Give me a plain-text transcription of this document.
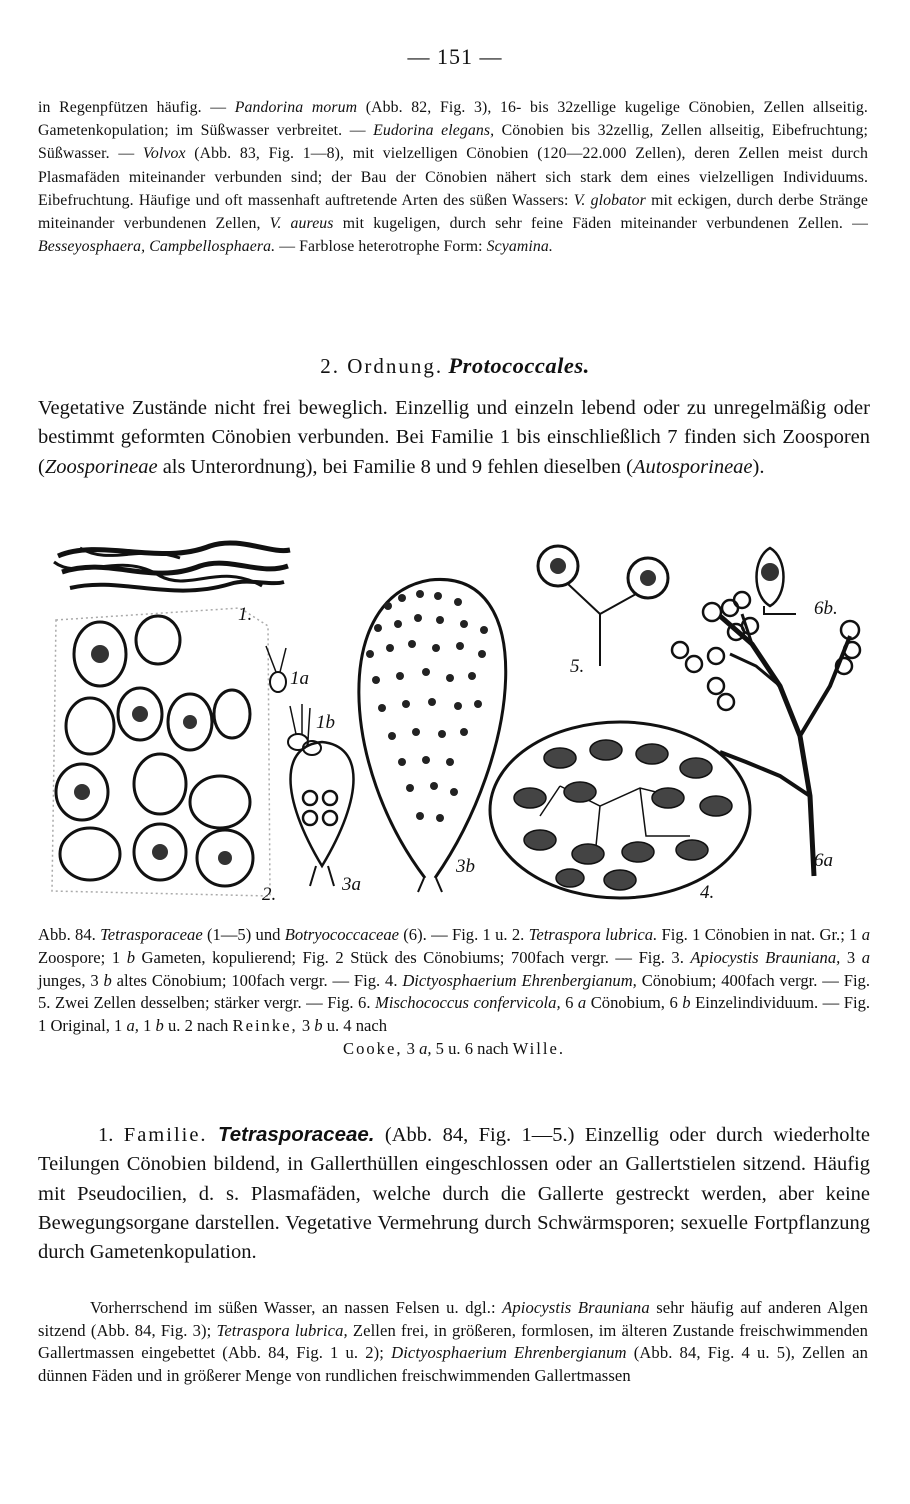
— 151 —

in Regenpfützen häufig. — Pandorina morum (Abb. 82, Fig. 3), 16- bis 32zellige kugelige Cönobien, Zellen allseitig. Gametenkopulation; im Süßwasser verbreitet. — Eudorina elegans, Cönobien bis 32zellig, Zellen allseitig, Eibefruchtung; Süßwasser. — Volvox (Abb. 83, Fig. 1—8), mit vielzelligen Cönobien (120—22.000 Zellen), deren Zellen meist durch Plasmafäden miteinander verbunden sind; der Bau der Cönobien nähert sich stark dem eines vielzelligen Individuums. Eibefruchtung. Häufige und oft massenhaft auftretende Arten des süßen Wassers: V. globator mit eckigen, durch derbe Stränge miteinander verbundenen Zellen, V. aureus mit kugeligen, durch sehr feine Fäden miteinander verbundenen Zellen. — Besseyosphaera, Campbellosphaera. — Farblose heterotrophe Form: Scyamina.

2. Ordnung. Protococcales.

Vegetative Zustände nicht frei beweglich. Einzellig und einzeln lebend oder zu unregelmäßig oder bestimmt geformten Cönobien verbunden. Bei Familie 1 bis einschließlich 7 finden sich Zoosporen (Zoosporineae als Unterordnung), bei Familie 8 und 9 fehlen dieselben (Autosporineae).

1.
1a
1b
2.	3a
3b
4.
5.
6a
6b.

Abb. 84. Tetrasporaceae (1—5) und Botryococcaceae (6). — Fig. 1 u. 2. Tetraspora lubrica. Fig. 1 Cönobien in nat. Gr.; 1 a Zoospore; 1 b Gameten, kopulierend; Fig. 2 Stück des Cönobiums; 700fach vergr. — Fig. 3. Apiocystis Brauniana, 3 a junges, 3 b altes Cönobium; 100fach vergr. — Fig. 4. Dictyosphaerium Ehrenbergianum, Cönobium; 400fach vergr. — Fig. 5. Zwei Zellen desselben; stärker vergr. — Fig. 6. Mischococcus confervicola, 6 a Cönobium, 6 b Einzelindividuum. — Fig. 1 Original, 1 a, 1 b u. 2 nach Reinke, 3 b u. 4 nach
Cooke, 3 a, 5 u. 6 nach Wille.

1. Familie. Tetrasporaceae. (Abb. 84, Fig. 1—5.) Einzellig oder durch wiederholte Teilungen Cönobien bildend, in Gallerthüllen eingeschlossen oder an Gallertstielen sitzend. Häufig mit Pseudocilien, d. s. Plasmafäden, welche durch die Gallerte gestreckt werden, aber keine Bewegungsorgane darstellen. Vegetative Vermehrung durch Schwärmsporen; sexuelle Fortpflanzung durch Gametenkopulation.

Vorherrschend im süßen Wasser, an nassen Felsen u. dgl.: Apiocystis Brauniana sehr häufig auf anderen Algen sitzend (Abb. 84, Fig. 3); Tetraspora lubrica, Zellen frei, in größeren, formlosen, im älteren Zustande freischwimmenden Gallertmassen eingebettet (Abb. 84, Fig. 1 u. 2); Dictyosphaerium Ehrenbergianum (Abb. 84, Fig. 4 u. 5), Zellen an dünnen Fäden und in größerer Menge von rundlichen freischwimmenden Gallertmassen
